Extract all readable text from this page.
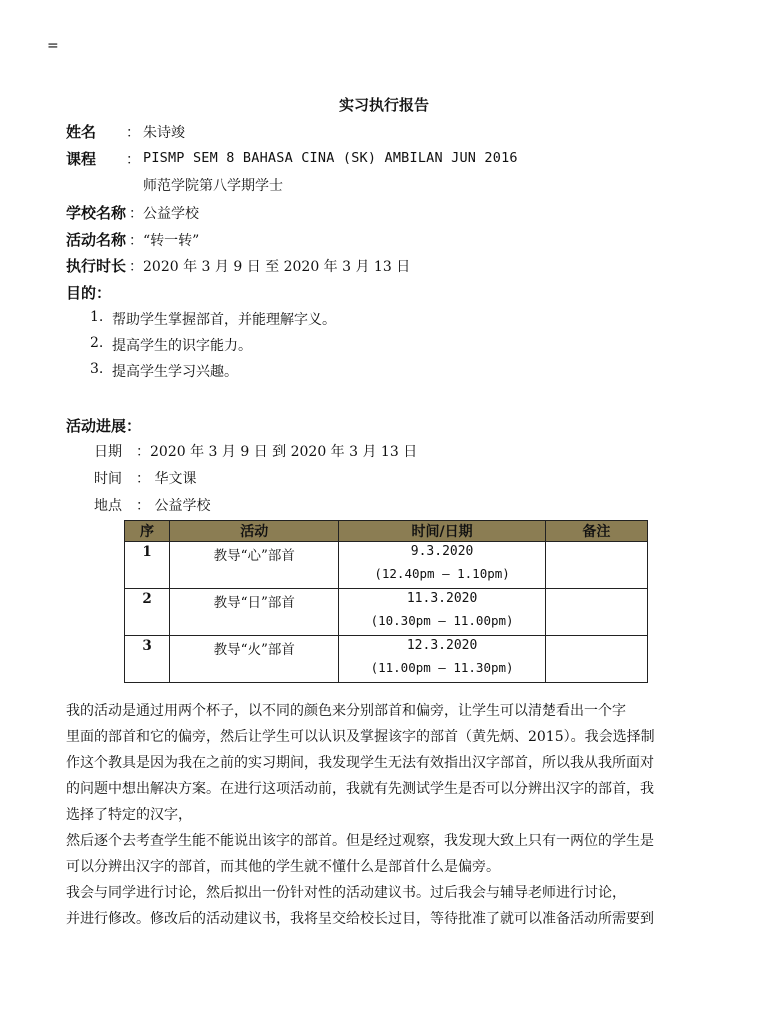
=
实习执行报告
姓名 ： 朱诗竣
课程 ： PISMP SEM 8 BAHASA CINA (SK) AMBILAN JUN 2016
师范学院第八学期学士
学校名称 ： 公益学校
活动名称 ： “转一转”
执行时长 ： 2020 年 3 月 9 日 至 2020 年 3 月 13 日
目的：
1. 帮助学生掌握部首，并能理解字义。
2. 提高学生的识字能力。
3. 提高学生学习兴趣。
活动进展：
日期 ：2020 年 3 月 9 日 到 2020 年 3 月 13 日
时间 ： 华文课
地点 ： 公益学校
序	活动	时间/日期	备注
1	教导“心”部首	9.3.2020
(12.40pm – 1.10pm)	

2	教导“日”部首	11.3.2020
(10.30pm – 11.00pm)	

3	教导“火”部首	12.3.2020
(11.00pm – 11.30pm)	

我的活动是通过用两个杯子，以不同的颜色来分别部首和偏旁，让学生可以清楚看出一个字
里面的部首和它的偏旁，然后让学生可以认识及掌握该字的部首（黄先炳、2015）。我会选择制
作这个教具是因为我在之前的实习期间，我发现学生无法有效指出汉字部首，所以我从我所面对
的问题中想出解决方案。在进行这项活动前，我就有先测试学生是否可以分辨出汉字的部首，我
选择了特定的汉字，
然后逐个去考查学生能不能说出该字的部首。但是经过观察，我发现大致上只有一两位的学生是
可以分辨出汉字的部首，而其他的学生就不懂什么是部首什么是偏旁。
我会与同学进行讨论，然后拟出一份针对性的活动建议书。过后我会与辅导老师进行讨论，
并进行修改。修改后的活动建议书，我将呈交给校长过目，等待批准了就可以准备活动所需要到
